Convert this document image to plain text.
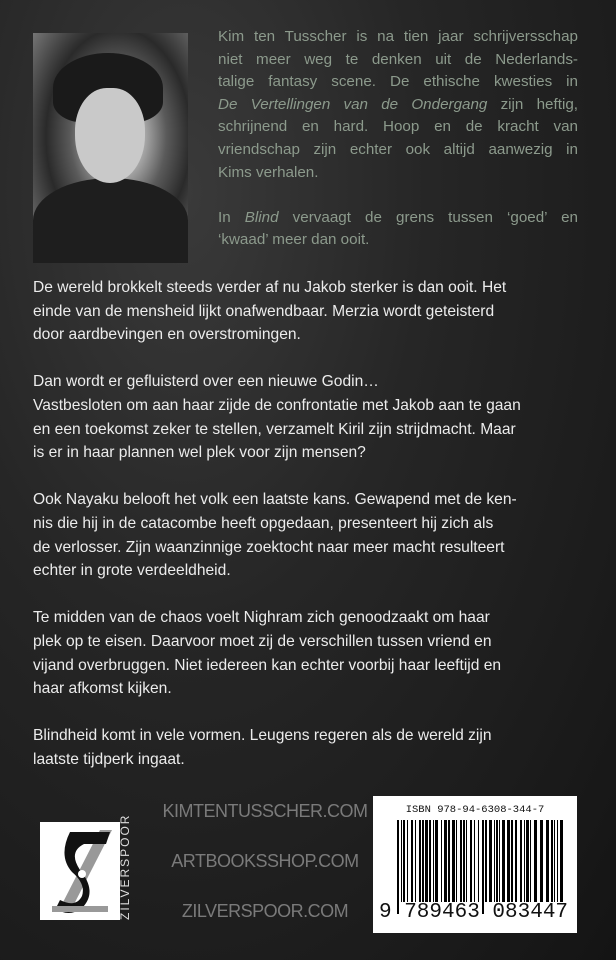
Kim ten Tusscher is na tien jaar schrijversschap
niet meer weg te denken uit de Nederlands-
talige fantasy scene. De ethische kwesties in
De Vertellingen van de Ondergang zijn heftig,
schrijnend en hard. Hoop en de kracht van
vriendschap zijn echter ook altijd aanwezig in
Kims verhalen.
In Blind vervaagt de grens tussen ‘goed’ en
‘kwaad’ meer dan ooit.
De wereld brokkelt steeds verder af nu Jakob sterker is dan ooit. Het
einde van de mensheid lijkt onafwendbaar. Merzia wordt geteisterd
door aardbevingen en overstromingen.
Dan wordt er gefluisterd over een nieuwe Godin…
Vastbesloten om aan haar zijde de confrontatie met Jakob aan te gaan
en een toekomst zeker te stellen, verzamelt Kiril zijn strijdmacht. Maar
is er in haar plannen wel plek voor zijn mensen?
Ook Nayaku belooft het volk een laatste kans. Gewapend met de ken-
nis die hij in de catacombe heeft opgedaan, presenteert hij zich als
de verlosser. Zijn waanzinnige zoektocht naar meer macht resulteert
echter in grote verdeeldheid.
Te midden van de chaos voelt Nighram zich genoodzaakt om haar
plek op te eisen. Daarvoor moet zij de verschillen tussen vriend en
vijand overbruggen. Niet iedereen kan echter voorbij haar leeftijd en
haar afkomst kijken.
Blindheid komt in vele vormen. Leugens regeren als de wereld zijn
laatste tijdperk ingaat.
ZILVERSPOOR
KIMTENTUSSCHER.COM
ARTBOOKSSHOP.COM
ZILVERSPOOR.COM
ISBN 978-94-6308-344-7
9 789463 083447
